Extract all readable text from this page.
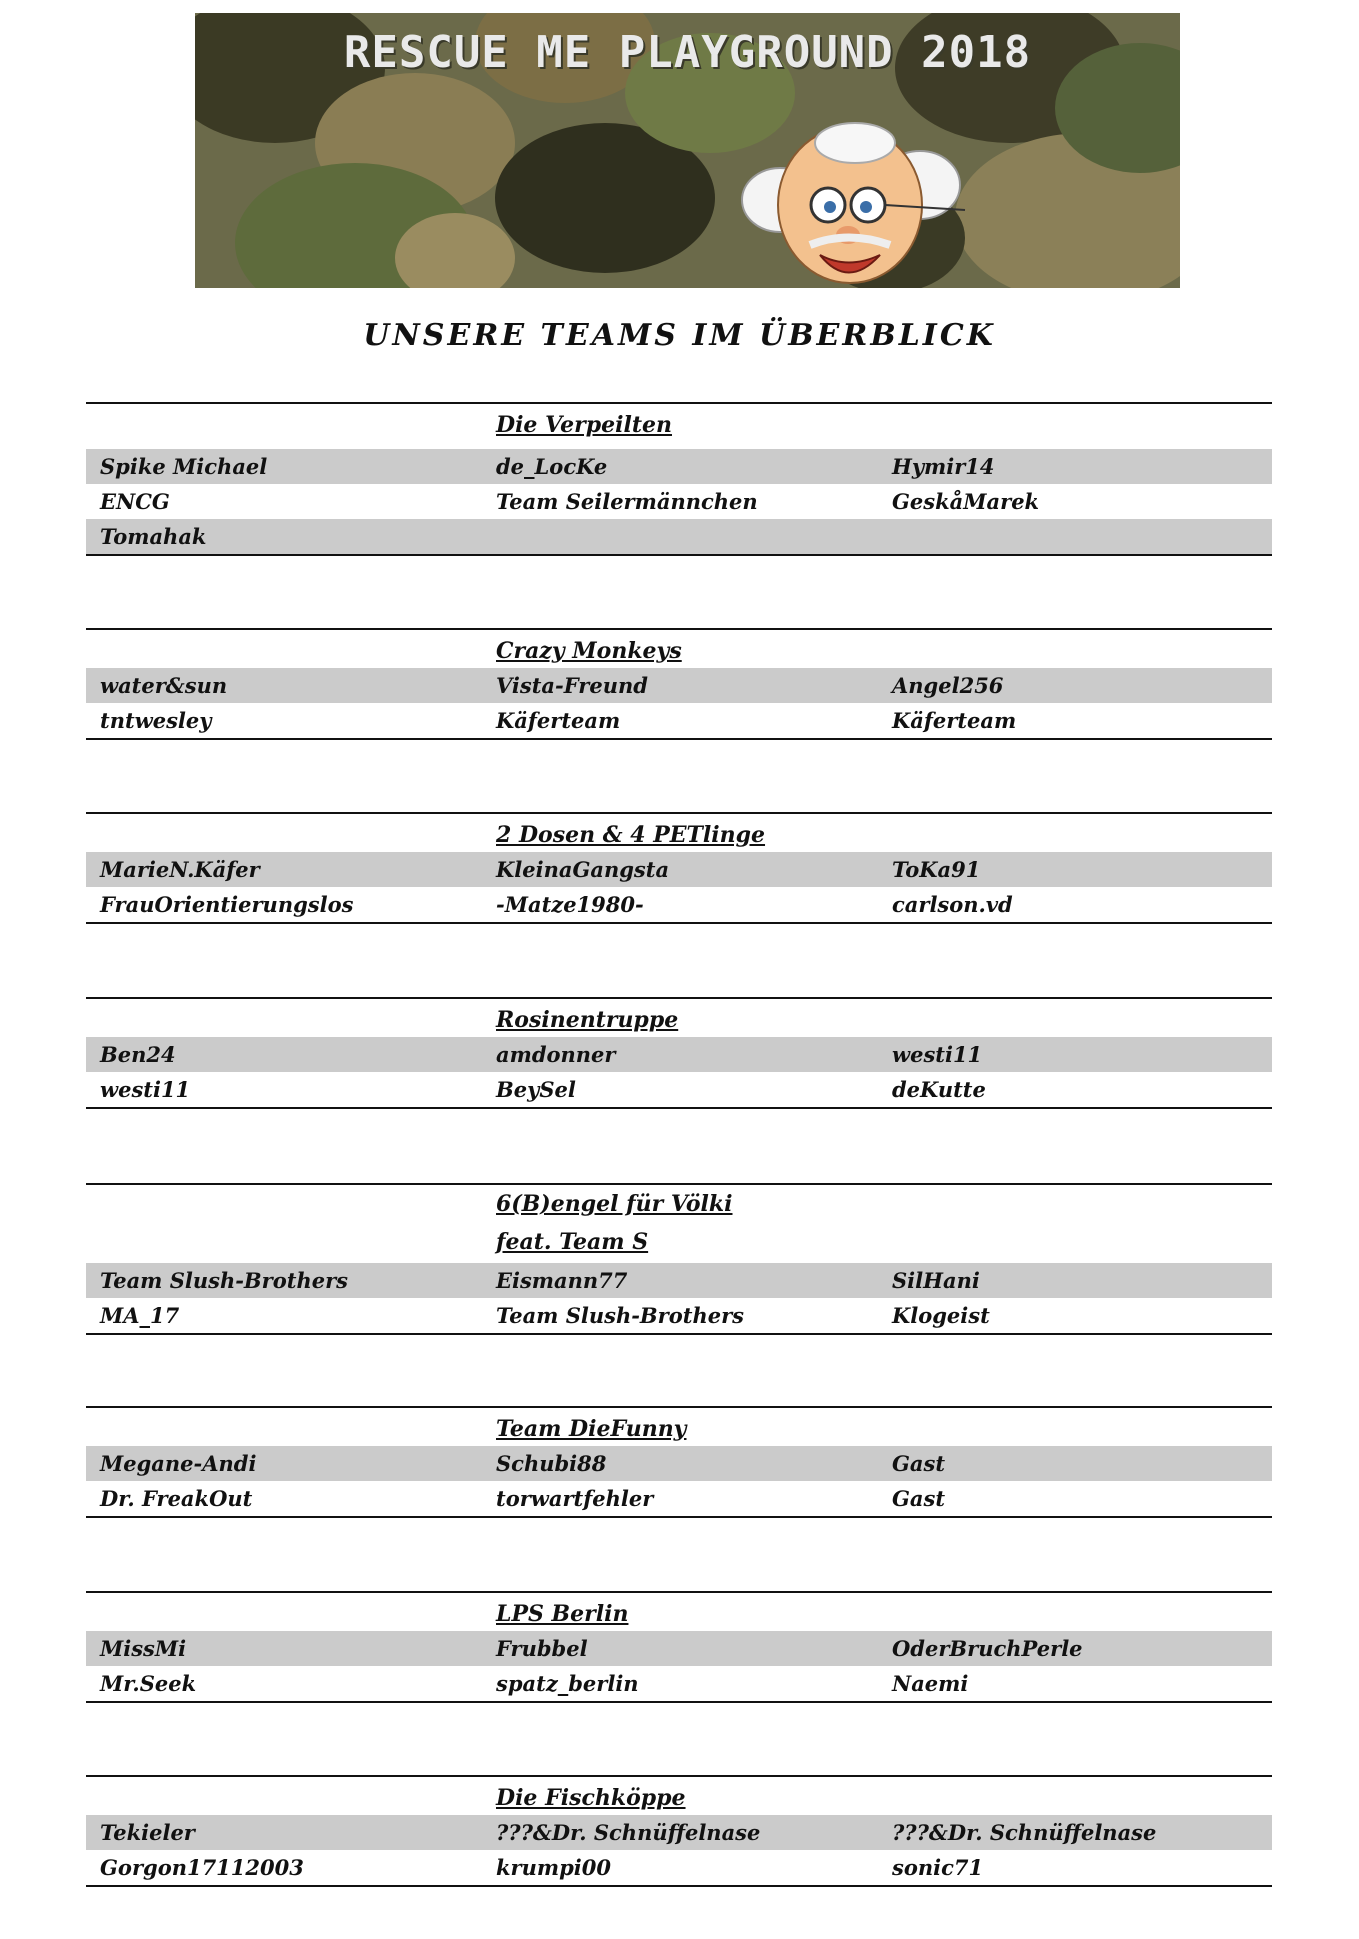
RESCUE ME PLAYGROUND 2018
UNSERE TEAMS IM ÜBERBLICK
Die Verpeilten
Spike Michael	de_LocKe	Hymir14
ENCG	Team Seilermännchen	GeskåMarek
Tomahak
Crazy Monkeys
water&sun	Vista-Freund	Angel256
tntwesley	Käferteam	Käferteam
2 Dosen & 4 PETlinge
MarieN.Käfer	KleinaGangsta	ToKa91
FrauOrientierungslos	-Matze1980-	carlson.vd
Rosinentruppe
Ben24	amdonner	westi11
westi11	BeySel	deKutte
6(B)engel für Völki
feat. Team S
Team Slush-Brothers	Eismann77	SilHani
MA_17	Team Slush-Brothers	Klogeist
Team DieFunny
Megane-Andi	Schubi88	Gast
Dr. FreakOut	torwartfehler	Gast
LPS Berlin
MissMi	Frubbel	OderBruchPerle
Mr.Seek	spatz_berlin	Naemi
Die Fischköppe
Tekieler	???&Dr. Schnüffelnase	???&Dr. Schnüffelnase
Gorgon17112003	krumpi00	sonic71
